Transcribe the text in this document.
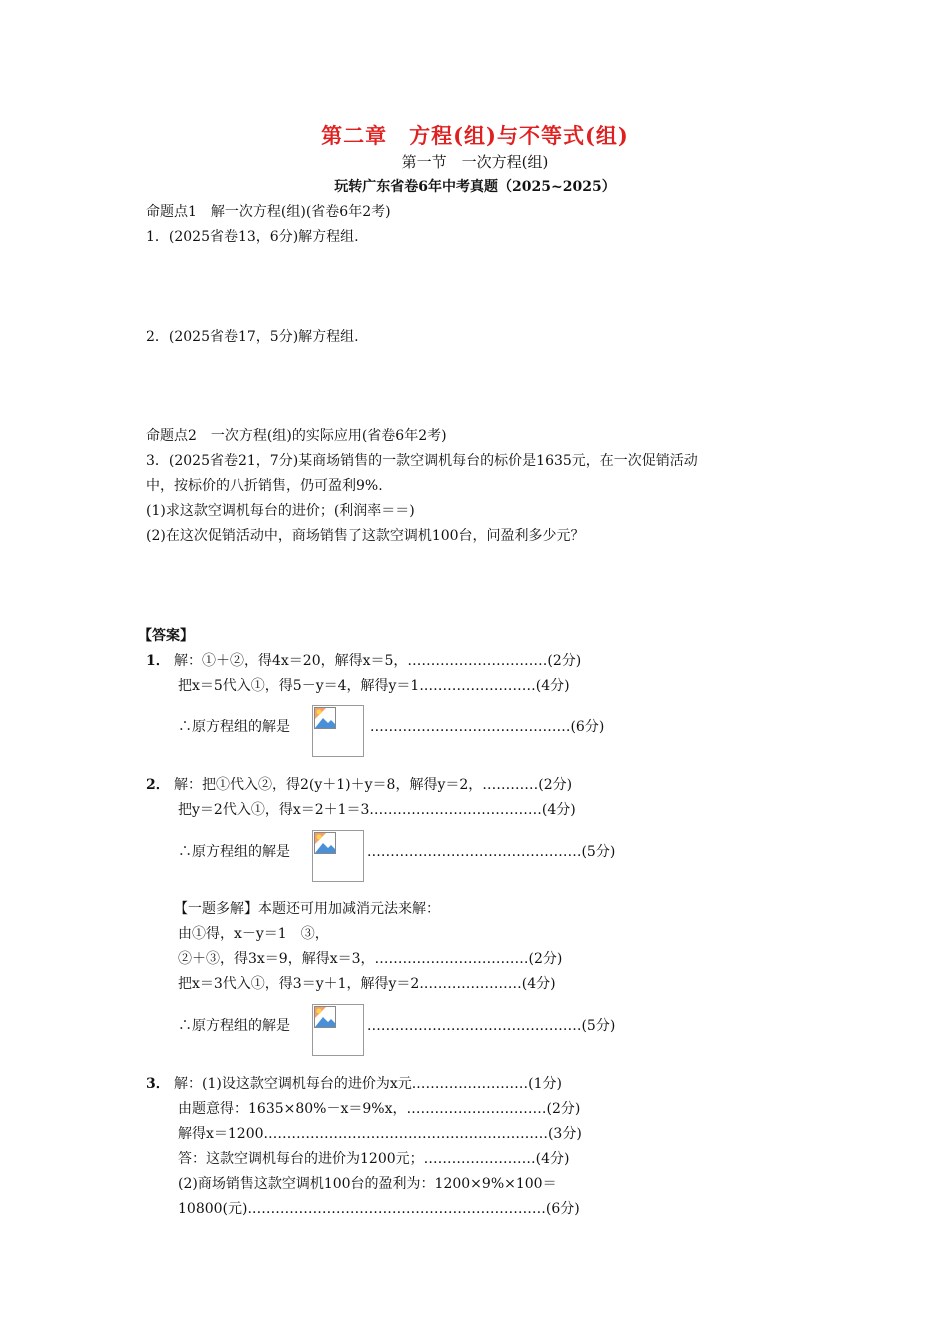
第二章　方程(组)与不等式(组)
第一节　一次方程(组)
玩转广东省卷6年中考真题（2025~2025）
命题点1　解一次方程(组)(省卷6年2考)
1．(2025省卷13，6分)解方程组.
2．(2025省卷17，5分)解方程组.
命题点2　一次方程(组)的实际应用(省卷6年2考)
3．(2025省卷21，7分)某商场销售的一款空调机每台的标价是1635元，在一次促销活动
中，按标价的八折销售，仍可盈利9%.
(1)求这款空调机每台的进价；(利润率＝＝)
(2)在这次促销活动中，商场销售了这款空调机100台，问盈利多少元？
【答案】
1． 解：①＋②，得4x＝20，解得x＝5，…………………………(2分)
把x＝5代入①，得5－y＝4，解得y＝1.……………………(4分)
∴原方程组的解是	.……………………………………(6分)
2． 解：把①代入②，得2(y＋1)＋y＝8，解得y＝2，…………(2分)
把y＝2代入①，得x＝2＋1＝3.………………………………(4分)
∴原方程组的解是	.………………………………………(5分)
【一题多解】本题还可用加减消元法来解：
由①得，x－y＝1　③，
②＋③，得3x＝9，解得x＝3，……………………………(2分)
把x＝3代入①，得3＝y＋1，解得y＝2.…………………(4分)
∴原方程组的解是	.………………………………………(5分)
3． 解：(1)设这款空调机每台的进价为x元.……………………(1分)
由题意得：1635×80%－x＝9%x，…………………………(2分)
解得x＝1200.……………………………………………………(3分)
答：这款空调机每台的进价为1200元；……………………(4分)
(2)商场销售这款空调机100台的盈利为：1200×9%×100＝
10800(元).………………………………………………………(6分)
